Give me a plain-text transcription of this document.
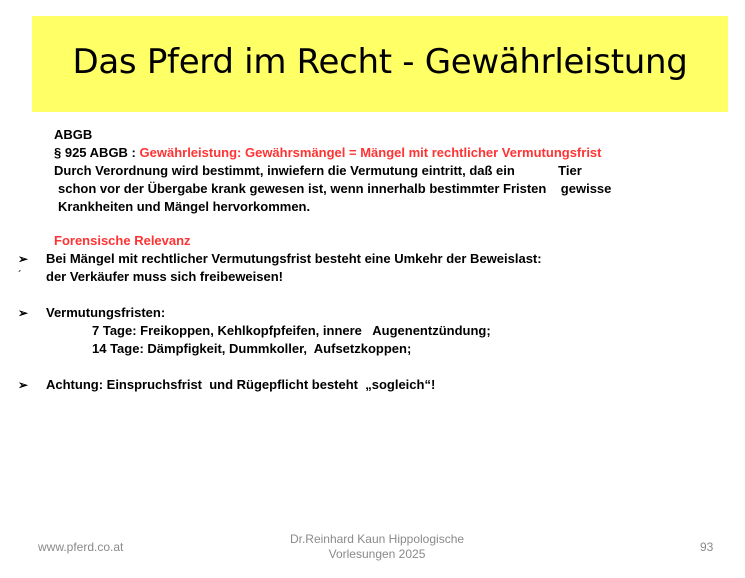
Das Pferd im Recht - Gewährleistung
ABGB
§ 925 ABGB : Gewährleistung: Gewährsmängel = Mängel mit rechtlicher Vermutungsfrist
Durch Verordnung wird bestimmt, inwiefern die Vermutung eintritt, daß ein            Tier
schon vor der Übergabe krank gewesen ist, wenn innerhalb bestimmter Fristen    gewisse
Krankheiten und Mängel hervorkommen.
Forensische Relevanz
➢ Bei Mängel mit rechtlicher Vermutungsfrist besteht eine Umkehr der Beweislast:
´ der Verkäufer muss sich freibeweisen!
➢ Vermutungsfristen:
7 Tage: Freikoppen, Kehlkopfpfeifen, innere   Augenentzündung;
14 Tage: Dämpfigkeit, Dummkoller,  Aufsetzkoppen;
➢ Achtung: Einspruchsfrist  und Rügepflicht besteht  „sogleich“!
www.pferd.co.at
Dr.Reinhard Kaun Hippologische
Vorlesungen 2025	93
